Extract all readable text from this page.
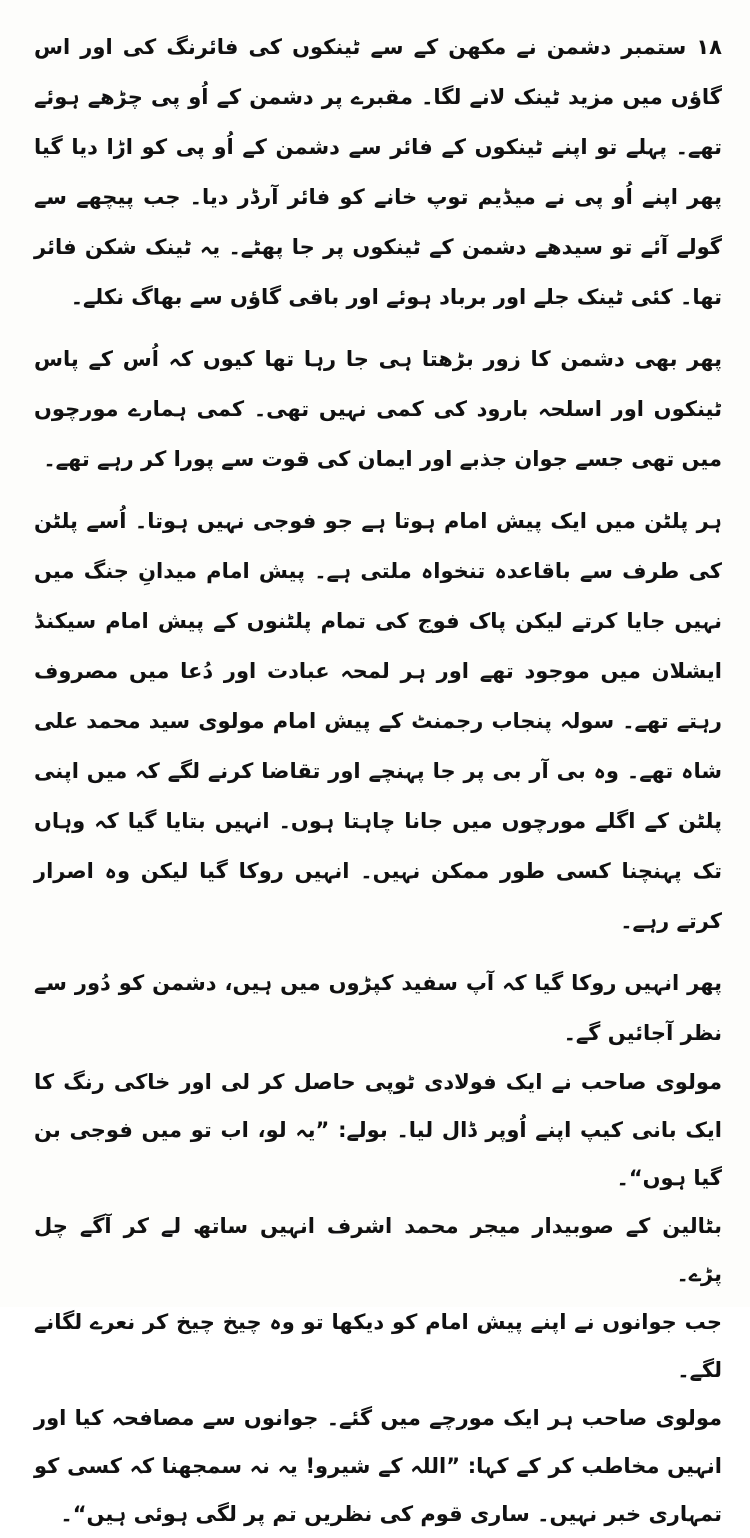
۱۸ ستمبر دشمن نے مکھن کے سے ٹینکوں کی فائرنگ کی اور اس گاؤں میں مزید ٹینک لانے لگا۔ مقبرے پر دشمن کے اُو پی چڑھے ہوئے تھے۔ پہلے تو اپنے ٹینکوں کے فائر سے دشمن کے اُو پی کو اڑا دیا گیا پھر اپنے اُو پی نے میڈیم توپ خانے کو فائر آرڈر دیا۔ جب پیچھے سے گولے آئے تو سیدھے دشمن کے ٹینکوں پر جا پھٹے۔ یہ ٹینک شکن فائر تھا۔ کئی ٹینک جلے اور برباد ہوئے اور باقی گاؤں سے بھاگ نکلے۔

پھر بھی دشمن کا زور بڑھتا ہی جا رہا تھا کیوں کہ اُس کے پاس ٹینکوں اور اسلحہ بارود کی کمی نہیں تھی۔ کمی ہمارے مورچوں میں تھی جسے جوان جذبے اور ایمان کی قوت سے پورا کر رہے تھے۔

ہر پلٹن میں ایک پیش امام ہوتا ہے جو فوجی نہیں ہوتا۔ اُسے پلٹن کی طرف سے باقاعدہ تنخواہ ملتی ہے۔ پیش امام میدانِ جنگ میں نہیں جایا کرتے لیکن پاک فوج کی تمام پلٹنوں کے پیش امام سیکنڈ ایشلان میں موجود تھے اور ہر لمحہ عبادت اور دُعا میں مصروف رہتے تھے۔ سولہ پنجاب رجمنٹ کے پیش امام مولوی سید محمد علی شاہ تھے۔ وہ بی آر بی پر جا پہنچے اور تقاضا کرنے لگے کہ میں اپنی پلٹن کے اگلے مورچوں میں جانا چاہتا ہوں۔ انہیں بتایا گیا کہ وہاں تک پہنچنا کسی طور ممکن نہیں۔ انہیں روکا گیا لیکن وہ اصرار کرتے رہے۔

پھر انہیں روکا گیا کہ آپ سفید کپڑوں میں ہیں، دشمن کو دُور سے نظر آجائیں گے۔

مولوی صاحب نے ایک فولادی ٹوپی حاصل کر لی اور خاکی رنگ کا ایک بانی کیپ اپنے اُوپر ڈال لیا۔ بولے: ”یہ لو، اب تو میں فوجی بن گیا ہوں“۔

بٹالین کے صوبیدار میجر محمد اشرف انہیں ساتھ لے کر آگے چل پڑے۔

جب جوانوں نے اپنے پیش امام کو دیکھا تو وہ چیخ چیخ کر نعرے لگانے لگے۔

مولوی صاحب ہر ایک مورچے میں گئے۔ جوانوں سے مصافحہ کیا اور انہیں مخاطب کر کے کہا: ”اللہ کے شیرو! یہ نہ سمجھنا کہ کسی کو تمہاری خبر نہیں۔ ساری قوم کی نظریں تم پر لگی ہوئی ہیں“۔
